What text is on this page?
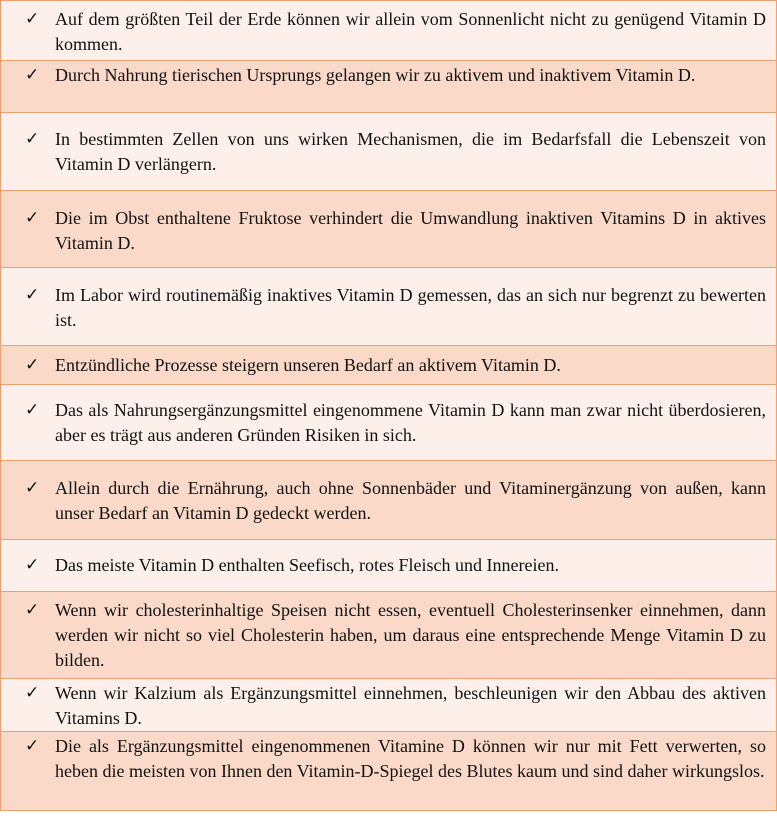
✓ Auf dem größten Teil der Erde können wir allein vom Sonnenlicht nicht zu genügend Vitamin D kommen.
✓ Durch Nahrung tierischen Ursprungs gelangen wir zu aktivem und inaktivem Vitamin D.
✓ In bestimmten Zellen von uns wirken Mechanismen, die im Bedarfsfall die Lebenszeit von Vitamin D verlängern.
✓ Die im Obst enthaltene Fruktose verhindert die Umwandlung inaktiven Vitamins D in aktives Vitamin D.
✓ Im Labor wird routinemäßig inaktives Vitamin D gemessen, das an sich nur begrenzt zu bewerten ist.
✓ Entzündliche Prozesse steigern unseren Bedarf an aktivem Vitamin D.
✓ Das als Nahrungsergänzungsmittel eingenommene Vitamin D kann man zwar nicht überdosieren, aber es trägt aus anderen Gründen Risiken in sich.
✓ Allein durch die Ernährung, auch ohne Sonnenbäder und Vitaminergänzung von außen, kann unser Bedarf an Vitamin D gedeckt werden.
✓ Das meiste Vitamin D enthalten Seefisch, rotes Fleisch und Innereien.
✓ Wenn wir cholesterinhaltige Speisen nicht essen, eventuell Cholesterinsenker einnehmen, dann werden wir nicht so viel Cholesterin haben, um daraus eine entsprechende Menge Vitamin D zu bilden.
✓ Wenn wir Kalzium als Ergänzungsmittel einnehmen, beschleunigen wir den Abbau des aktiven Vitamins D.
✓ Die als Ergänzungsmittel eingenommenen Vitamine D können wir nur mit Fett verwerten, so heben die meisten von Ihnen den Vitamin-D-Spiegel des Blutes kaum und sind daher wirkungslos.
